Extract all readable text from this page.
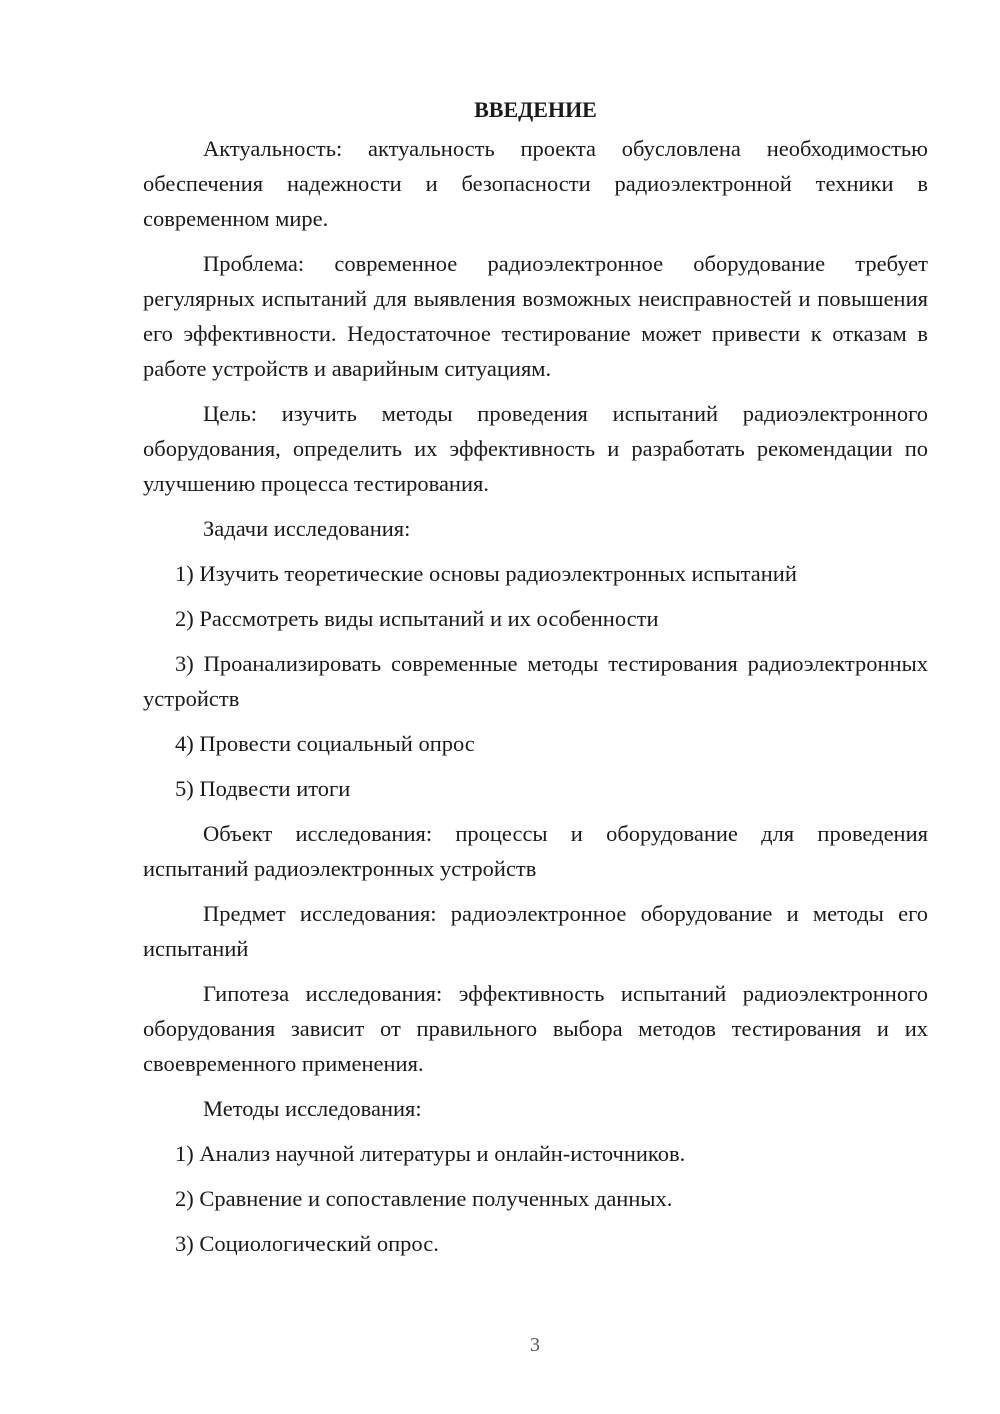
ВВЕДЕНИЕ

Актуальность: актуальность проекта обусловлена необходимостью обеспечения надежности и безопасности радиоэлектронной техники в современном мире.

Проблема: современное радиоэлектронное оборудование требует регулярных испытаний для выявления возможных неисправностей и повышения его эффективности. Недостаточное тестирование может привести к отказам в работе устройств и аварийным ситуациям.

Цель: изучить методы проведения испытаний радиоэлектронного оборудования, определить их эффективность и разработать рекомендации по улучшению процесса тестирования.

Задачи исследования:

1) Изучить теоретические основы радиоэлектронных испытаний

2) Рассмотреть виды испытаний и их особенности

3) Проанализировать современные методы тестирования радиоэлектронных устройств

4) Провести социальный опрос

5) Подвести итоги

Объект исследования: процессы и оборудование для проведения испытаний радиоэлектронных устройств

Предмет исследования: радиоэлектронное оборудование и методы его испытаний

Гипотеза исследования: эффективность испытаний радиоэлектронного оборудования зависит от правильного выбора методов тестирования и их своевременного применения.

Методы исследования:

1) Анализ научной литературы и онлайн-источников.

2) Сравнение и сопоставление полученных данных.

3) Социологический опрос.

3
